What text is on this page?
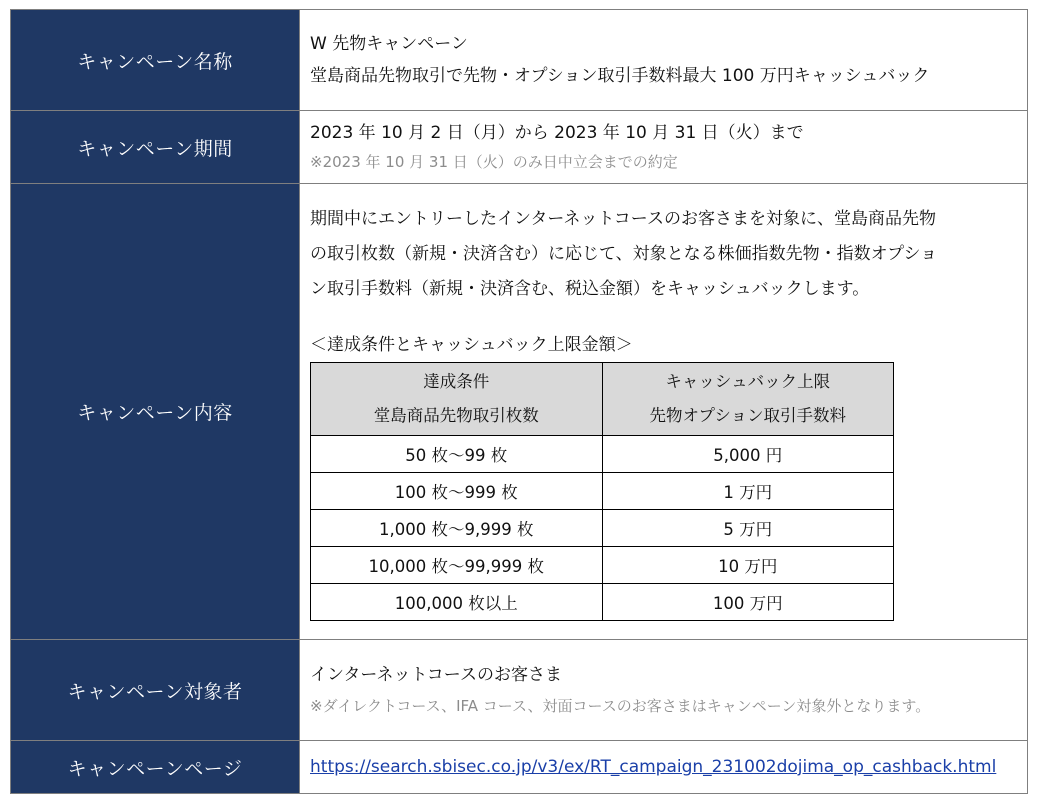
キャンペーン名称	
W 先物キャンペーン
堂島商品先物取引で先物・オプション取引手数料最大 100 万円キャッシュバック

キャンペーン期間	
2023 年 10 月 2 日（月）から 2023 年 10 月 31 日（火）まで
※2023 年 10 月 31 日（火）のみ日中立会までの約定

キャンペーン内容	
期間中にエントリーしたインターネットコースのお客さまを対象に、堂島商品先物
の取引枚数（新規・決済含む）に応じて、対象となる株価指数先物・指数オプショ
ン取引手数料（新規・決済含む、税込金額）をキャッシュバックします。
＜達成条件とキャッシュバック上限金額＞
達成条件
堂島商品先物取引枚数

キャッシュバック上限
先物オプション取引手数料

50 枚～99 枚	5,000 円
100 枚～999 枚	1 万円
1,000 枚～9,999 枚	5 万円
10,000 枚～99,999 枚	10 万円
100,000 枚以上	100 万円

キャンペーン対象者	
インターネットコースのお客さま
※ダイレクトコース、IFA コース、対面コースのお客さまはキャンペーン対象外となります。

キャンペーンページ	https://search.sbisec.co.jp/v3/ex/RT_campaign_231002dojima_op_cashback.html
